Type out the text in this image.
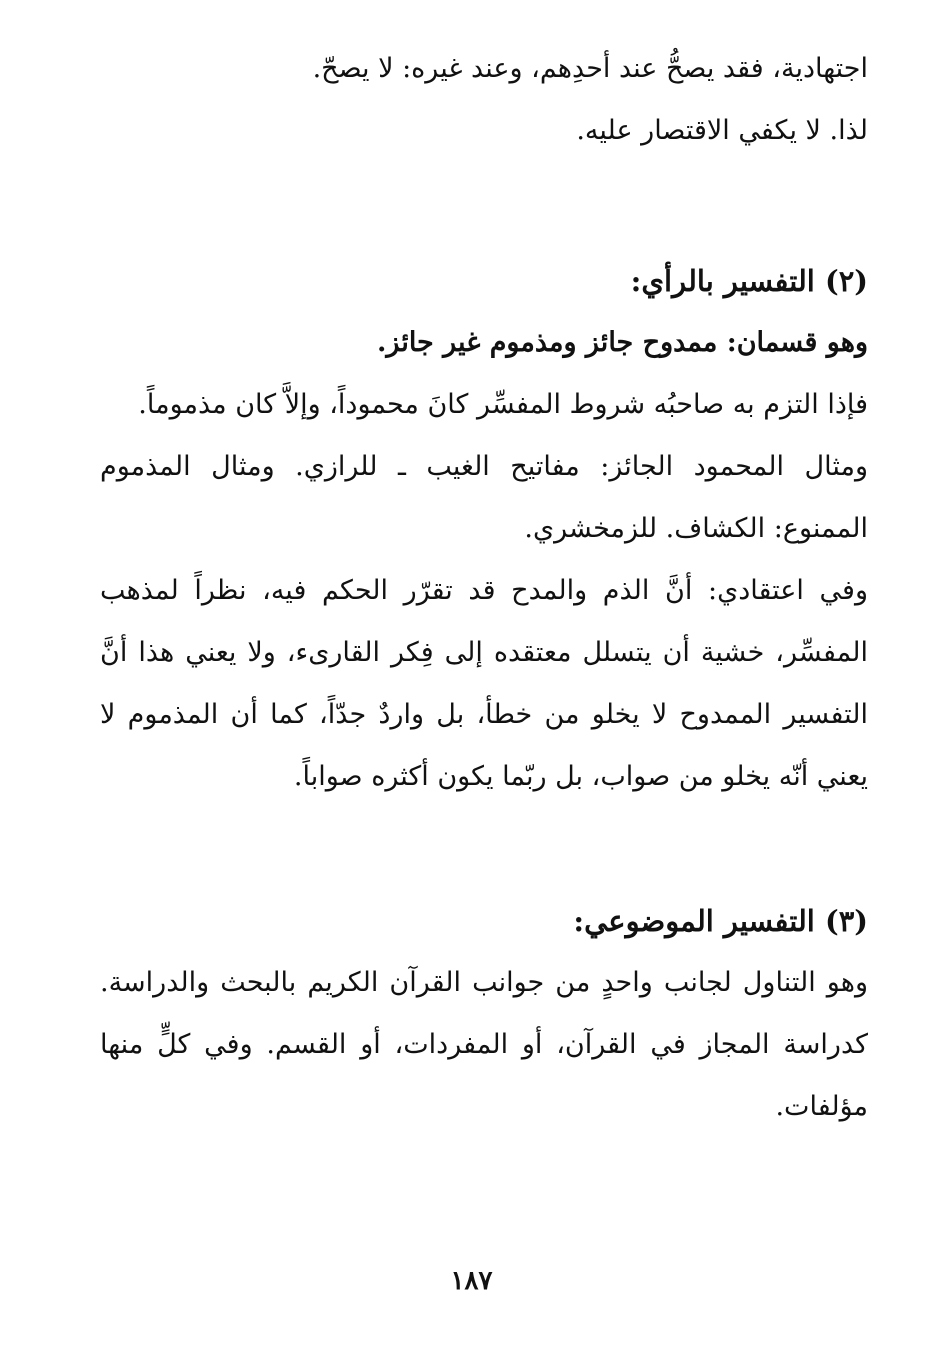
اجتهادية، فقد يصحُّ عند أحدِهم، وعند غيره: لا يصحّ.

لذا. لا يكفي الاقتصار عليه.

(٢) التفسير بالرأي:

وهو قسمان: ممدوح جائز ومذموم غير جائز.

فإذا التزم به صاحبُه شروط المفسِّر كانَ محموداً، وإلاَّ كان مذموماً.

ومثال المحمود الجائز: مفاتيح الغيب ـ للرازي. ومثال المذموم الممنوع: الكشاف. للزمخشري.

وفي اعتقادي: أنَّ الذم والمدح قد تقرّر الحكم فيه، نظراً لمذهب المفسِّر، خشية أن يتسلل معتقده إلى فِكر القارىء، ولا يعني هذا أنَّ التفسير الممدوح لا يخلو من خطأ، بل واردٌ جدّاً، كما أن المذموم لا يعني أنّه يخلو من صواب، بل ربّما يكون أكثره صواباً.

(٣) التفسير الموضوعي:

وهو التناول لجانب واحدٍ من جوانب القرآن الكريم بالبحث والدراسة. كدراسة المجاز في القرآن، أو المفردات، أو القسم. وفي كلٍّ منها مؤلفات.

١٨٧
